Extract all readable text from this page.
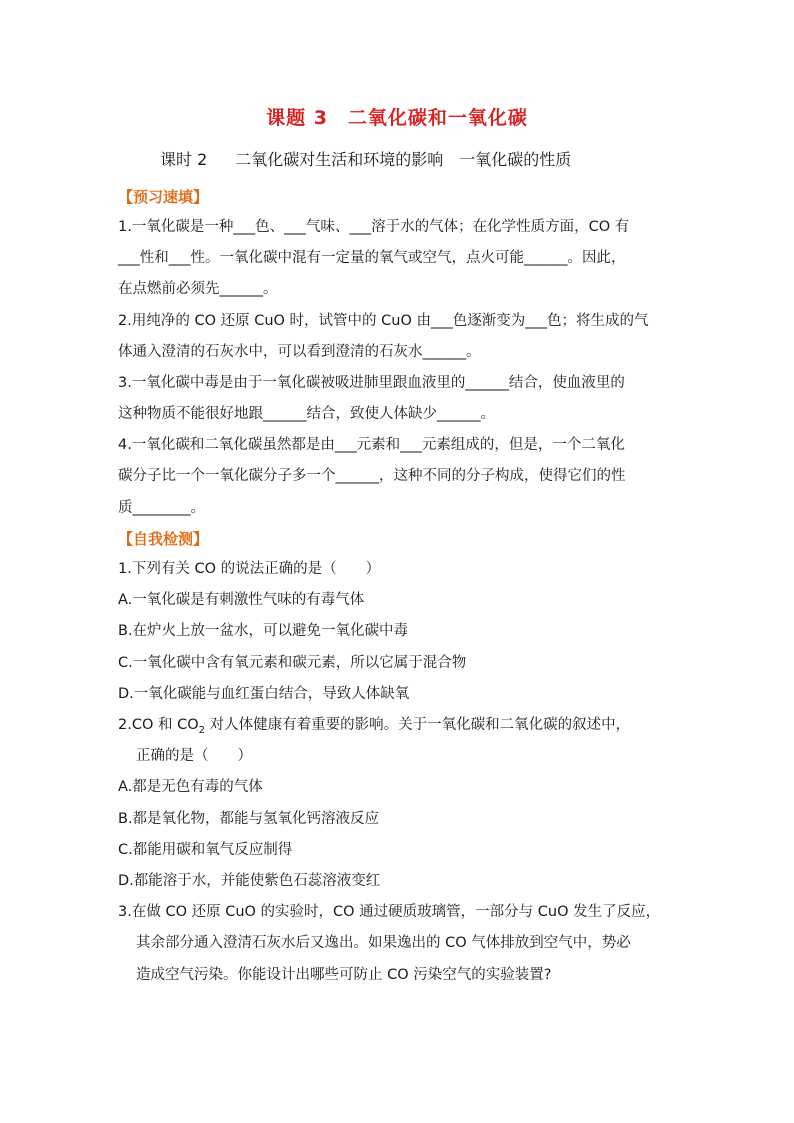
课题 3　二氧化碳和一氧化碳
课时 2 二氧化碳对生活和环境的影响　一氧化碳的性质
【预习速填】
1.一氧化碳是一种___色、___气味、___溶于水的气体；在化学性质方面，CO 有
___性和___性。一氧化碳中混有一定量的氧气或空气，点火可能______。因此，
在点燃前必须先______。
2.用纯净的 CO 还原 CuO 时，试管中的 CuO 由___色逐渐变为___色；将生成的气
体通入澄清的石灰水中，可以看到澄清的石灰水______。
3.一氧化碳中毒是由于一氧化碳被吸进肺里跟血液里的______结合，使血液里的
这种物质不能很好地跟______结合，致使人体缺少______。
4.一氧化碳和二氧化碳虽然都是由___元素和___元素组成的，但是，一个二氧化
碳分子比一个一氧化碳分子多一个______，这种不同的分子构成，使得它们的性
质________。
【自我检测】
1.下列有关 CO 的说法正确的是（　　）
A.一氧化碳是有刺激性气味的有毒气体
B.在炉火上放一盆水，可以避免一氧化碳中毒
C.一氧化碳中含有氧元素和碳元素，所以它属于混合物
D.一氧化碳能与血红蛋白结合，导致人体缺氧
2.CO 和 $CO_2$ 对人体健康有着重要的影响。关于一氧化碳和二氧化碳的叙述中，
正确的是（　　）
A.都是无色有毒的气体
B.都是氧化物，都能与氢氧化钙溶液反应
C.都能用碳和氧气反应制得
D.都能溶于水，并能使紫色石蕊溶液变红
3.在做 CO 还原 CuO 的实验时，CO 通过硬质玻璃管，一部分与 CuO 发生了反应，
其余部分通入澄清石灰水后又逸出。如果逸出的 CO 气体排放到空气中，势必
造成空气污染。你能设计出哪些可防止 CO 污染空气的实验装置?
